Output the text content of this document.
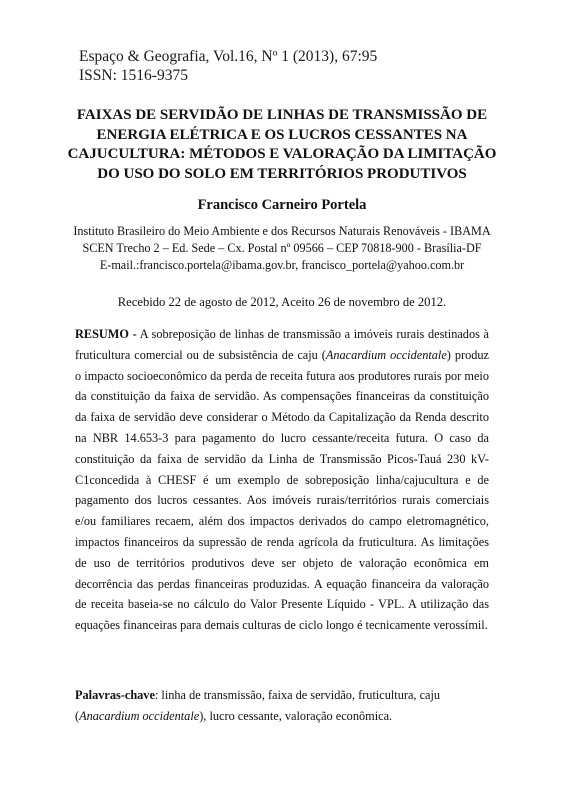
Espaço & Geografia, Vol.16, Nº 1 (2013), 67:95
ISSN: 1516-9375
FAIXAS DE SERVIDÃO DE LINHAS DE TRANSMISSÃO DE
ENERGIA ELÉTRICA E OS LUCROS CESSANTES NA
CAJUCULTURA: MÉTODOS E VALORAÇÃO DA LIMITAÇÃO
DO USO DO SOLO EM TERRITÓRIOS PRODUTIVOS
Francisco Carneiro Portela
Instituto Brasileiro do Meio Ambiente e dos Recursos Naturais Renováveis - IBAMA
SCEN Trecho 2 – Ed. Sede – Cx. Postal nº 09566 – CEP 70818-900 - Brasília-DF
E-mail.:francisco.portela@ibama.gov.br, francisco_portela@yahoo.com.br
Recebido 22 de agosto de 2012, Aceito 26 de novembro de 2012.

RESUMO - A sobreposição de linhas de transmissão a imóveis rurais destinados à fruticultura comercial ou de subsistência de caju (Anacardium occidentale) produz o impacto socioeconômico da perda de receita futura aos produtores rurais por meio da constituição da faixa de servidão. As compensações financeiras da constituição da faixa de servidão deve considerar o Método da Capitalização da Renda descrito na NBR 14.653-3 para pagamento do lucro cessante/receita futura. O caso da constituição da faixa de servidão da Linha de Transmissão Picos-Tauá 230 kV-C1concedida à CHESF é um exemplo de sobreposição linha/cajucultura e de pagamento dos lucros cessantes. Aos imóveis rurais/territórios rurais comerciais e/ou familiares recaem, além dos impactos derivados do campo eletromagnético, impactos financeiros da supressão de renda agrícola da fruticultura. As limitações de uso de territórios produtivos deve ser objeto de valoração econômica em decorrência das perdas financeiras produzidas. A equação financeira da valoração de receita baseia-se no cálculo do Valor Presente Líquido - VPL. A utilização das equações financeiras para demais culturas de ciclo longo é tecnicamente verossímil.

Palavras-chave: linha de transmissão, faixa de servidão, fruticultura, caju (Anacardium occidentale), lucro cessante, valoração econômica.
